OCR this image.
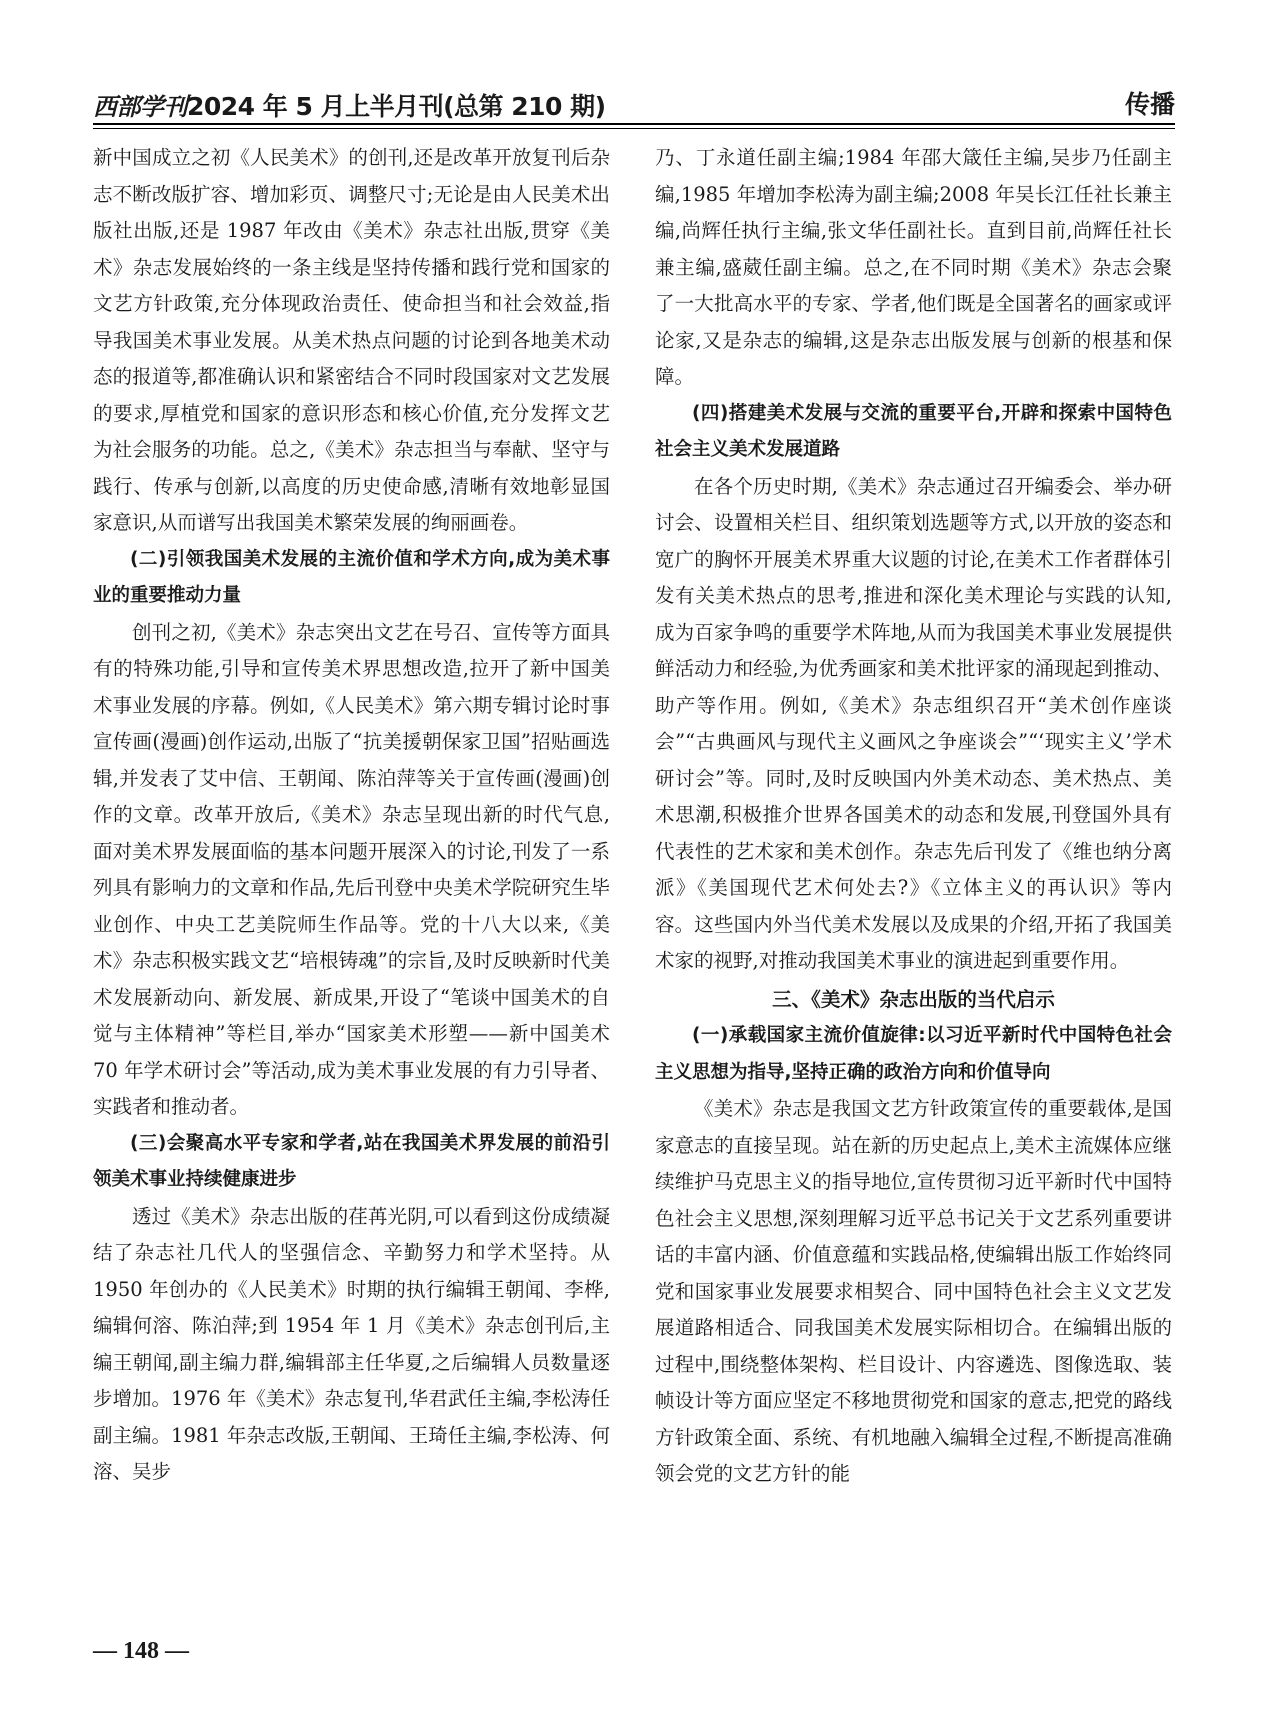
西部学刊2024 年 5 月上半月刊(总第 210 期)	传播

新中国成立之初《人民美术》的创刊,还是改革开放复刊后杂志不断改版扩容、增加彩页、调整尺寸;无论是由人民美术出版社出版,还是 1987 年改由《美术》杂志社出版,贯穿《美术》杂志发展始终的一条主线是坚持传播和践行党和国家的文艺方针政策,充分体现政治责任、使命担当和社会效益,指导我国美术事业发展。从美术热点问题的讨论到各地美术动态的报道等,都准确认识和紧密结合不同时段国家对文艺发展的要求,厚植党和国家的意识形态和核心价值,充分发挥文艺为社会服务的功能。总之,《美术》杂志担当与奉献、坚守与践行、传承与创新,以高度的历史使命感,清晰有效地彰显国家意识,从而谱写出我国美术繁荣发展的绚丽画卷。

(二)引领我国美术发展的主流价值和学术方向,成为美术事业的重要推动力量

创刊之初,《美术》杂志突出文艺在号召、宣传等方面具有的特殊功能,引导和宣传美术界思想改造,拉开了新中国美术事业发展的序幕。例如,《人民美术》第六期专辑讨论时事宣传画(漫画)创作运动,出版了“抗美援朝保家卫国”招贴画选辑,并发表了艾中信、王朝闻、陈泊萍等关于宣传画(漫画)创作的文章。改革开放后,《美术》杂志呈现出新的时代气息,面对美术界发展面临的基本问题开展深入的讨论,刊发了一系列具有影响力的文章和作品,先后刊登中央美术学院研究生毕业创作、中央工艺美院师生作品等。党的十八大以来,《美术》杂志积极实践文艺“培根铸魂”的宗旨,及时反映新时代美术发展新动向、新发展、新成果,开设了“笔谈中国美术的自觉与主体精神”等栏目,举办“国家美术形塑——新中国美术 70 年学术研讨会”等活动,成为美术事业发展的有力引导者、实践者和推动者。

(三)会聚高水平专家和学者,站在我国美术界发展的前沿引领美术事业持续健康进步

透过《美术》杂志出版的荏苒光阴,可以看到这份成绩凝结了杂志社几代人的坚强信念、辛勤努力和学术坚持。从 1950 年创办的《人民美术》时期的执行编辑王朝闻、李桦,编辑何溶、陈泊萍;到 1954 年 1 月《美术》杂志创刊后,主编王朝闻,副主编力群,编辑部主任华夏,之后编辑人员数量逐步增加。1976 年《美术》杂志复刊,华君武任主编,李松涛任副主编。1981 年杂志改版,王朝闻、王琦任主编,李松涛、何溶、吴步

乃、丁永道任副主编;1984 年邵大箴任主编,吴步乃任副主编,1985 年增加李松涛为副主编;2008 年吴长江任社长兼主编,尚辉任执行主编,张文华任副社长。直到目前,尚辉任社长兼主编,盛葳任副主编。总之,在不同时期《美术》杂志会聚了一大批高水平的专家、学者,他们既是全国著名的画家或评论家,又是杂志的编辑,这是杂志出版发展与创新的根基和保障。

(四)搭建美术发展与交流的重要平台,开辟和探索中国特色社会主义美术发展道路

在各个历史时期,《美术》杂志通过召开编委会、举办研讨会、设置相关栏目、组织策划选题等方式,以开放的姿态和宽广的胸怀开展美术界重大议题的讨论,在美术工作者群体引发有关美术热点的思考,推进和深化美术理论与实践的认知,成为百家争鸣的重要学术阵地,从而为我国美术事业发展提供鲜活动力和经验,为优秀画家和美术批评家的涌现起到推动、助产等作用。例如,《美术》杂志组织召开“美术创作座谈会”“古典画风与现代主义画风之争座谈会”“‘现实主义’学术研讨会”等。同时,及时反映国内外美术动态、美术热点、美术思潮,积极推介世界各国美术的动态和发展,刊登国外具有代表性的艺术家和美术创作。杂志先后刊发了《维也纳分离派》《美国现代艺术何处去?》《立体主义的再认识》等内容。这些国内外当代美术发展以及成果的介绍,开拓了我国美术家的视野,对推动我国美术事业的演进起到重要作用。

三、《美术》杂志出版的当代启示

(一)承载国家主流价值旋律:以习近平新时代中国特色社会主义思想为指导,坚持正确的政治方向和价值导向

《美术》杂志是我国文艺方针政策宣传的重要载体,是国家意志的直接呈现。站在新的历史起点上,美术主流媒体应继续维护马克思主义的指导地位,宣传贯彻习近平新时代中国特色社会主义思想,深刻理解习近平总书记关于文艺系列重要讲话的丰富内涵、价值意蕴和实践品格,使编辑出版工作始终同党和国家事业发展要求相契合、同中国特色社会主义文艺发展道路相适合、同我国美术发展实际相切合。在编辑出版的过程中,围绕整体架构、栏目设计、内容遴选、图像选取、装帧设计等方面应坚定不移地贯彻党和国家的意志,把党的路线方针政策全面、系统、有机地融入编辑全过程,不断提高准确领会党的文艺方针的能

— 148 —
